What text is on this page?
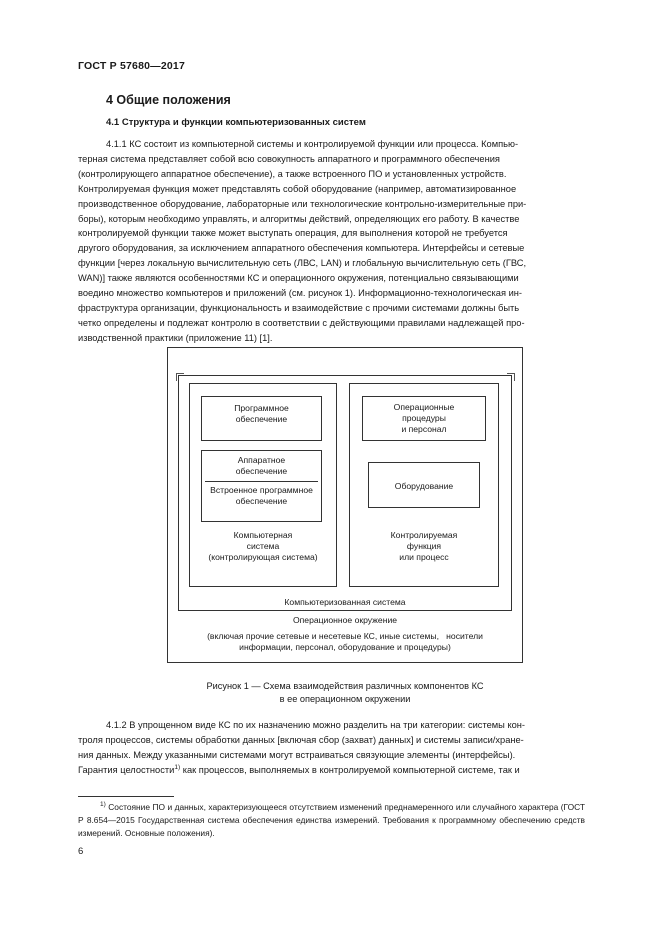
ГОСТ Р 57680—2017
4 Общие положения
4.1 Структура и функции компьютеризованных систем
4.1.1 КС состоит из компьютерной системы и контролируемой функции или процесса. Компью-
терная система представляет собой всю совокупность аппаратного и программного обеспечения
(контролирующего аппаратное обеспечение), а также встроенного ПО и установленных устройств.
Контролируемая функция может представлять собой оборудование (например, автоматизированное
производственное оборудование, лабораторные или технологические контрольно-измерительные при-
боры), которым необходимо управлять, и алгоритмы действий, определяющих его работу. В качестве
контролируемой функции также может выступать операция, для выполнения которой не требуется
другого оборудования, за исключением аппаратного обеспечения компьютера. Интерфейсы и сетевые
функции [через локальную вычислительную сеть (ЛВС, LAN) и глобальную вычислительную сеть (ГВС,
WAN)] также являются особенностями КС и операционного окружения, потенциально связывающими
воедино множество компьютеров и приложений (см. рисунок 1). Информационно-технологическая ин-
фраструктура организации, функциональность и взаимодействие с прочими системами должны быть
четко определены и подлежат контролю в соответствии с действующими правилами надлежащей про-
изводственной практики (приложение 11) [1].
Программное
обеспечение
Аппаратное
обеспечение
Встроенное программное
обеспечение
Компьютерная
система
(контролирующая система)
Операционные
процедуры
и персонал
Оборудование
Контролируемая
функция
или процесс
Компьютеризованная система
Операционное окружение
(включая прочие сетевые и несетевые КС, иные системы,   носители
информации, персонал, оборудование и процедуры)
Рисунок 1 — Схема взаимодействия различных компонентов КС
в ее операционном окружении
4.1.2 В упрощенном виде КС по их назначению можно разделить на три категории: системы кон-
троля процессов, системы обработки данных [включая сбор (захват) данных] и системы записи/хране-
ния данных. Между указанными системами могут встраиваться связующие элементы (интерфейсы).
Гарантия целостности$^{1)}$ как процессов, выполняемых в контролируемой компьютерной системе, так и
$^{1)}$ Состояние ПО и данных, характеризующееся отсутствием изменений преднамеренного или случайного характера (ГОСТ Р 8.654—2015 Государственная система обеспечения единства измерений. Требования к программному обеспечению средств измерений. Основные положения).
6
